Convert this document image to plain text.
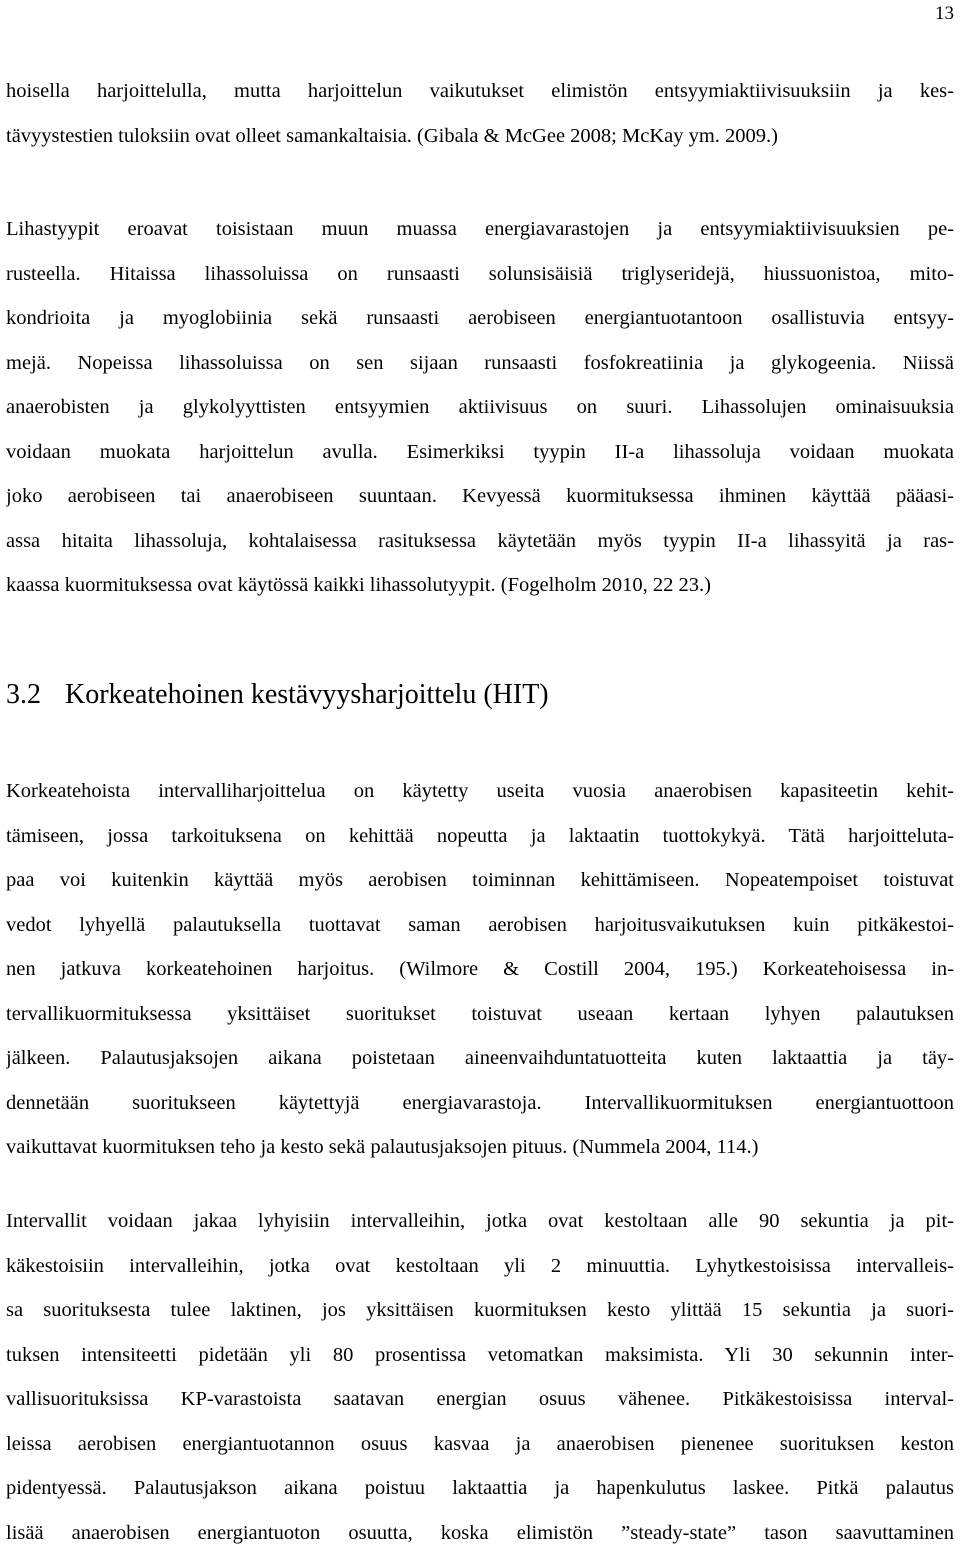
13
hoisella harjoittelulla, mutta harjoittelun vaikutukset elimistön entsyymiaktiivisuuksiin ja kes-
tävyystestien tuloksiin ovat olleet samankaltaisia. (Gibala & McGee 2008; McKay ym. 2009.)
Lihastyypit eroavat toisistaan muun muassa energiavarastojen ja entsyymiaktiivisuuksien pe-
rusteella. Hitaissa lihassoluissa on runsaasti solunsisäisiä triglyseridejä, hiussuonistoa, mito-
kondrioita ja myoglobiinia sekä runsaasti aerobiseen energiantuotantoon osallistuvia entsyy-
mejä. Nopeissa lihassoluissa on sen sijaan runsaasti fosfokreatiinia ja glykogeenia. Niissä
anaerobisten ja glykolyyttisten entsyymien aktiivisuus on suuri. Lihassolujen ominaisuuksia
voidaan muokata harjoittelun avulla. Esimerkiksi tyypin II-a lihassoluja voidaan muokata
joko aerobiseen tai anaerobiseen suuntaan. Kevyessä kuormituksessa ihminen käyttää pääasi-
assa hitaita lihassoluja, kohtalaisessa rasituksessa käytetään myös tyypin II-a lihassyitä ja ras-
kaassa kuormituksessa ovat käytössä kaikki lihassolutyypit. (Fogelholm 2010, 22 23.)
3.2 Korkeatehoinen kestävyysharjoittelu (HIT)
Korkeatehoista intervalliharjoittelua on käytetty useita vuosia anaerobisen kapasiteetin kehit-
tämiseen, jossa tarkoituksena on kehittää nopeutta ja laktaatin tuottokykyä. Tätä harjoitteluta-
paa voi kuitenkin käyttää myös aerobisen toiminnan kehittämiseen. Nopeatempoiset toistuvat
vedot lyhyellä palautuksella tuottavat saman aerobisen harjoitusvaikutuksen kuin pitkäkestoi-
nen jatkuva korkeatehoinen harjoitus. (Wilmore & Costill 2004, 195.) Korkeatehoisessa in-
tervallikuormituksessa yksittäiset suoritukset toistuvat useaan kertaan lyhyen palautuksen
jälkeen. Palautusjaksojen aikana poistetaan aineenvaihduntatuotteita kuten laktaattia ja täy-
dennetään suoritukseen käytettyjä energiavarastoja. Intervallikuormituksen energiantuottoon
vaikuttavat kuormituksen teho ja kesto sekä palautusjaksojen pituus. (Nummela 2004, 114.)
Intervallit voidaan jakaa lyhyisiin intervalleihin, jotka ovat kestoltaan alle 90 sekuntia ja pit-
käkestoisiin intervalleihin, jotka ovat kestoltaan yli 2 minuuttia. Lyhytkestoisissa intervalleis-
sa suorituksesta tulee laktinen, jos yksittäisen kuormituksen kesto ylittää 15 sekuntia ja suori-
tuksen intensiteetti pidetään yli 80 prosentissa vetomatkan maksimista. Yli 30 sekunnin inter-
vallisuorituksissa KP-varastoista saatavan energian osuus vähenee. Pitkäkestoisissa interval-
leissa aerobisen energiantuotannon osuus kasvaa ja anaerobisen pienenee suorituksen keston
pidentyessä. Palautusjakson aikana poistuu laktaattia ja hapenkulutus laskee. Pitkä palautus
lisää anaerobisen energiantuoton osuutta, koska elimistön ”steady-state” tason saavuttaminen
